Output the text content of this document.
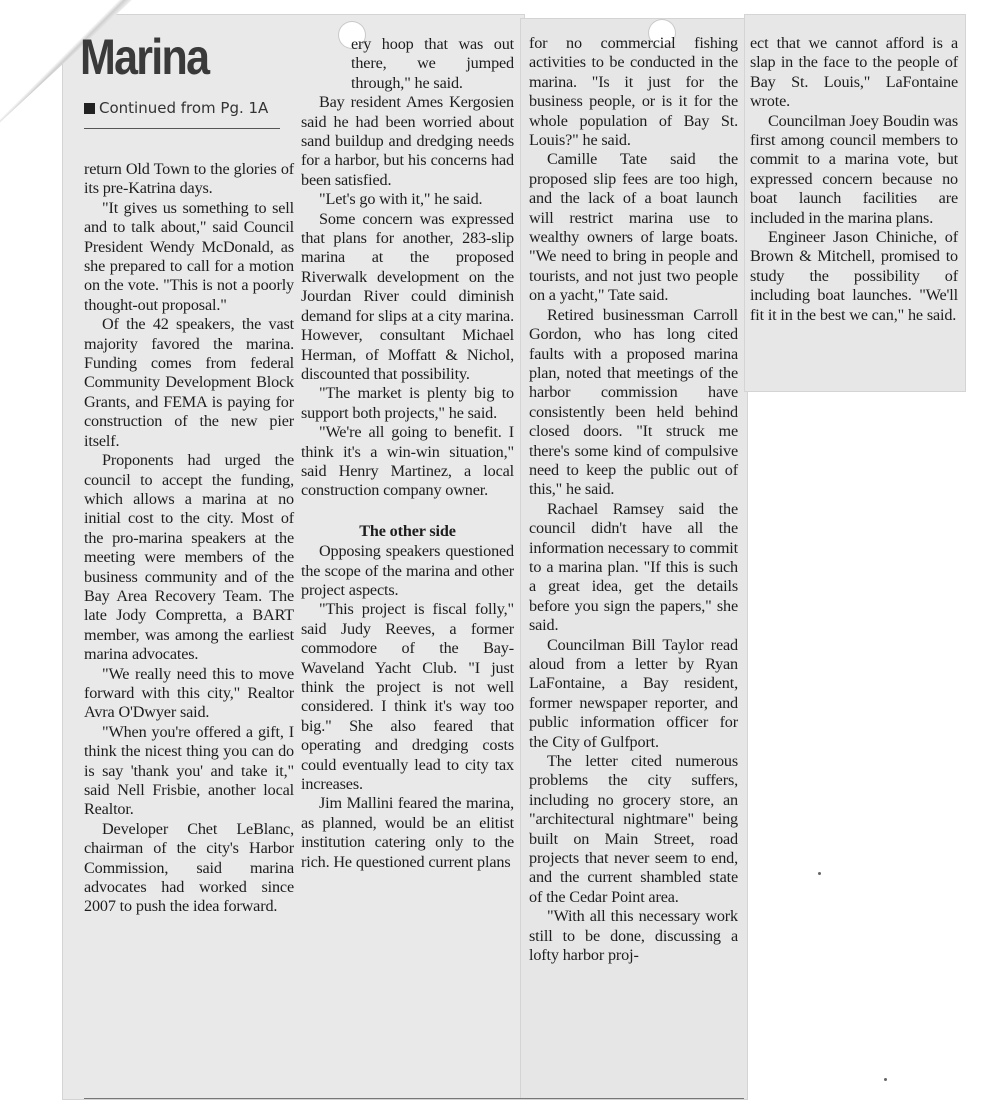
Marina
Continued from Pg. 1A

return Old Town to the glories of its pre-Katrina days.

"It gives us something to sell and to talk about," said Council President Wendy McDonald, as she prepared to call for a motion on the vote. "This is not a poorly thought-out proposal."

Of the 42 speakers, the vast majority favored the marina. Funding comes from federal Community Development Block Grants, and FEMA is paying for construction of the new pier itself.

Proponents had urged the council to accept the funding, which allows a marina at no initial cost to the city. Most of the pro-marina speakers at the meeting were members of the business community and of the Bay Area Recovery Team. The late Jody Compretta, a BART member, was among the earliest marina advocates.

"We really need this to move forward with this city," Realtor Avra O'Dwyer said.

"When you're offered a gift, I think the nicest thing you can do is say 'thank you' and take it," said Nell Frisbie, another local Realtor.

Developer Chet LeBlanc, chairman of the city's Harbor Commission, said marina advocates had worked since 2007 to push the idea forward.

ery hoop that was out there, we jumped through," he said.

Bay resident Ames Kergosien said he had been worried about sand buildup and dredging needs for a harbor, but his concerns had been satisfied.

"Let's go with it," he said.

Some concern was expressed that plans for another, 283-slip marina at the proposed Riverwalk development on the Jourdan River could diminish demand for slips at a city marina. However, consultant Michael Herman, of Moffatt & Nichol, discounted that possibility.

"The market is plenty big to support both projects," he said.

"We're all going to benefit. I think it's a win-win situation," said Henry Martinez, a local construction company owner.

The other side

Opposing speakers questioned the scope of the marina and other project aspects.

"This project is fiscal folly," said Judy Reeves, a former commodore of the Bay-Waveland Yacht Club. "I just think the project is not well considered. I think it's way too big." She also feared that operating and dredging costs could eventually lead to city tax increases.

Jim Mallini feared the marina, as planned, would be an elitist institution catering only to the rich. He questioned current plans

for no commercial fishing activities to be conducted in the marina. "Is it just for the business people, or is it for the whole population of Bay St. Louis?" he said.

Camille Tate said the proposed slip fees are too high, and the lack of a boat launch will restrict marina use to wealthy owners of large boats. "We need to bring in people and tourists, and not just two people on a yacht," Tate said.

Retired businessman Carroll Gordon, who has long cited faults with a proposed marina plan, noted that meetings of the harbor commission have consistently been held behind closed doors. "It struck me there's some kind of compulsive need to keep the public out of this," he said.

Rachael Ramsey said the council didn't have all the information necessary to commit to a marina plan. "If this is such a great idea, get the details before you sign the papers," she said.

Councilman Bill Taylor read aloud from a letter by Ryan LaFontaine, a Bay resident, former newspaper reporter, and public information officer for the City of Gulfport.

The letter cited numerous problems the city suffers, including no grocery store, an "architectural nightmare" being built on Main Street, road projects that never seem to end, and the current shambled state of the Cedar Point area.

"With all this necessary work still to be done, discussing a lofty harbor proj-

ect that we cannot afford is a slap in the face to the people of Bay St. Louis," LaFontaine wrote.

Councilman Joey Boudin was first among council members to commit to a marina vote, but expressed concern because no boat launch facilities are included in the marina plans.

Engineer Jason Chiniche, of Brown & Mitchell, promised to study the possibility of including boat launches. "We'll fit it in the best we can," he said.
